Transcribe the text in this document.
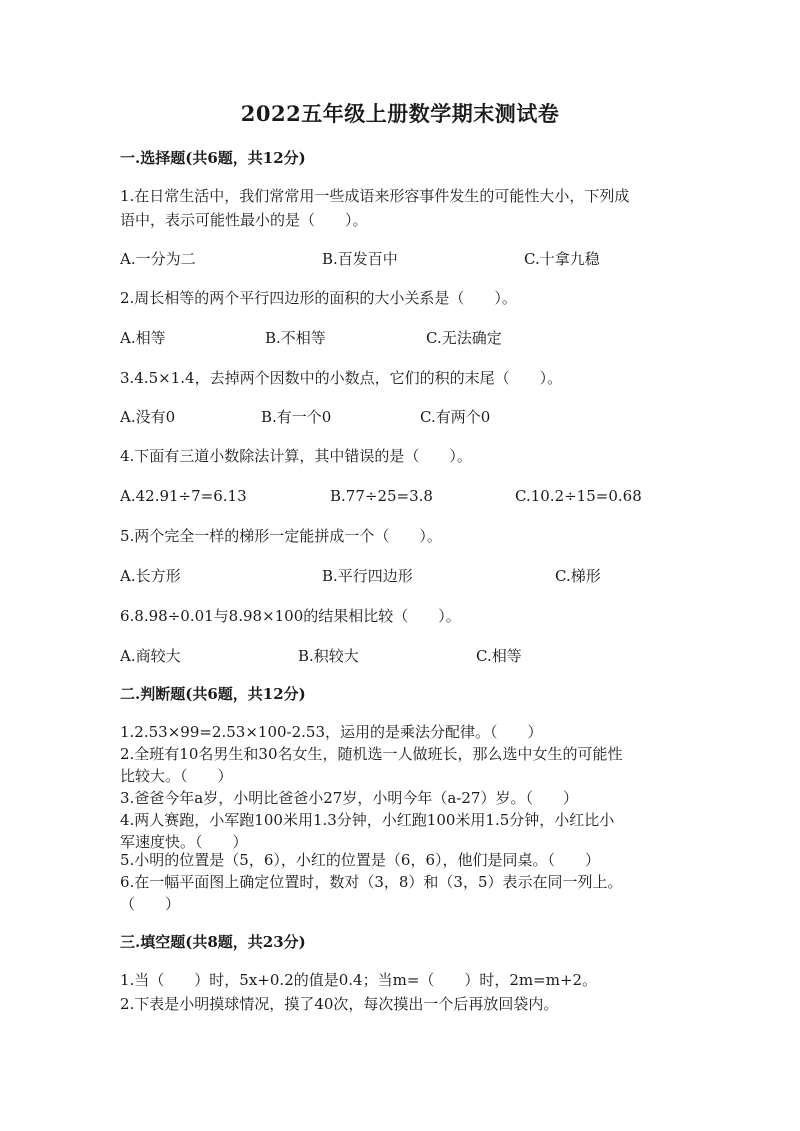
2022五年级上册数学期末测试卷
一.选择题(共6题，共12分)
1.在日常生活中，我们常常用一些成语来形容事件发生的可能性大小，下列成
语中，表示可能性最小的是（　　）。
A.一分为二	B.百发百中	C.十拿九稳
2.周长相等的两个平行四边形的面积的大小关系是（　　）。
A.相等	B.不相等	C.无法确定
3.4.5×1.4，去掉两个因数中的小数点，它们的积的末尾（　　）。
A.没有0	B.有一个0	C.有两个0
4.下面有三道小数除法计算，其中错误的是（　　）。
A.42.91÷7=6.13	B.77÷25=3.8	C.10.2÷15=0.68
5.两个完全一样的梯形一定能拼成一个（　　）。
A.长方形	B.平行四边形	C.梯形
6.8.98÷0.01与8.98×100的结果相比较（　　）。
A.商较大	B.积较大	C.相等
二.判断题(共6题，共12分)
1.2.53×99=2.53×100-2.53，运用的是乘法分配律。（　　）
2.全班有10名男生和30名女生，随机选一人做班长，那么选中女生的可能性
比较大。（　　）
3.爸爸今年a岁，小明比爸爸小27岁，小明今年（a-27）岁。（　　）
4.两人赛跑，小军跑100米用1.3分钟，小红跑100米用1.5分钟，小红比小
军速度快。（　　）
5.小明的位置是（5，6），小红的位置是（6，6），他们是同桌。（　　）
6.在一幅平面图上确定位置时，数对（3，8）和（3，5）表示在同一列上。
（　　）
三.填空题(共8题，共23分)
1.当（　　）时，5x+0.2的值是0.4；当m=（　　）时，2m=m+2。
2.下表是小明摸球情况，摸了40次，每次摸出一个后再放回袋内。
